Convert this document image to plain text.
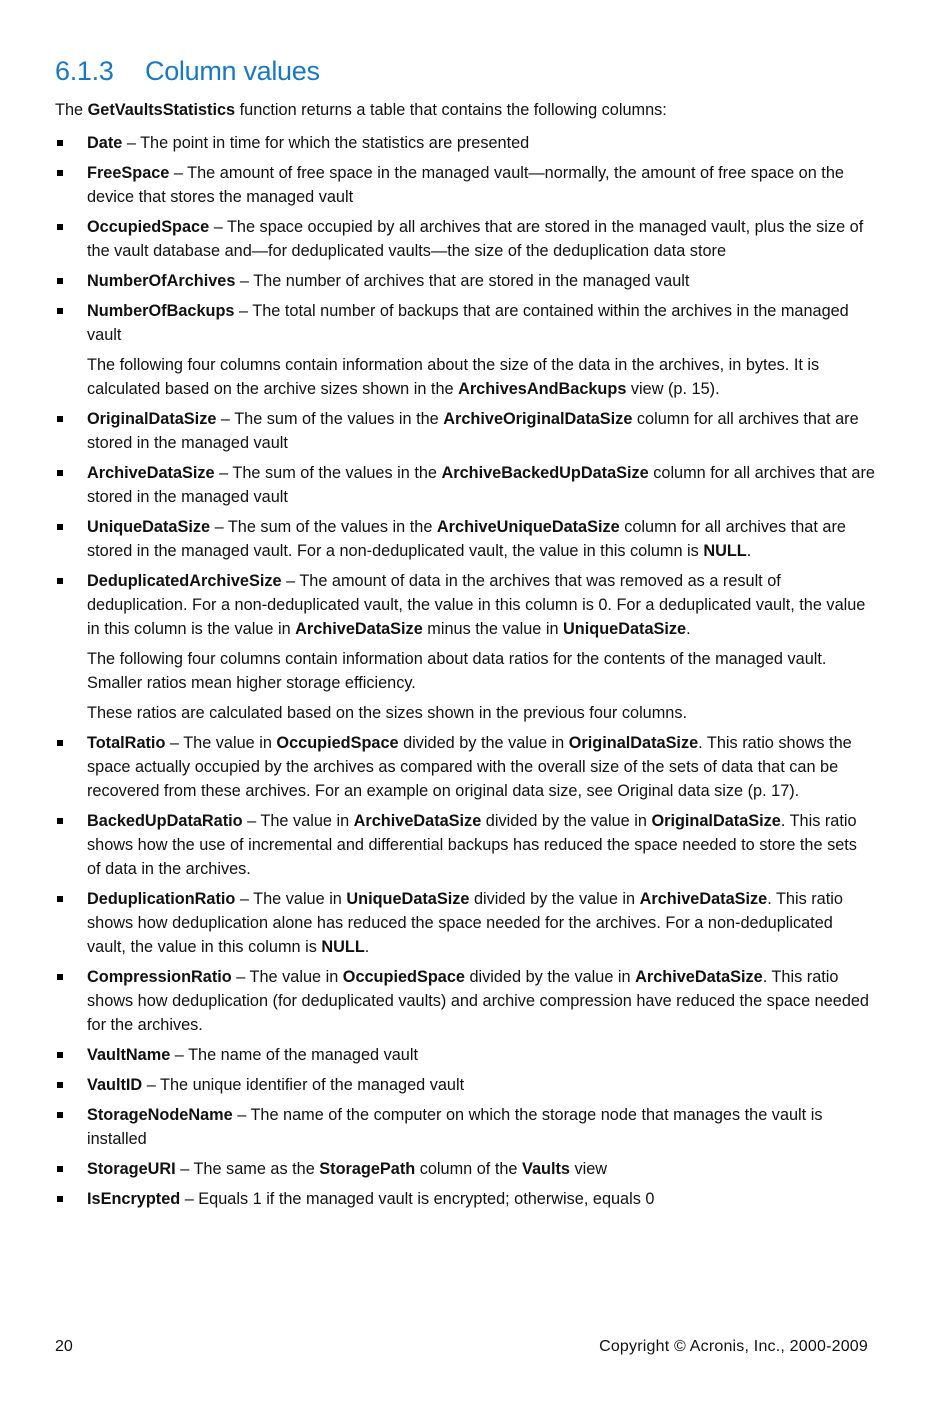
6.1.3 Column values

The GetVaultsStatistics function returns a table that contains the following columns:

Date – The point in time for which the statistics are presented
FreeSpace – The amount of free space in the managed vault—normally, the amount of free space on the device that stores the managed vault
OccupiedSpace – The space occupied by all archives that are stored in the managed vault, plus the size of the vault database and—for deduplicated vaults—the size of the deduplication data store
NumberOfArchives – The number of archives that are stored in the managed vault
NumberOfBackups – The total number of backups that are contained within the archives in the managed vault

The following four columns contain information about the size of the data in the archives, in bytes. It is calculated based on the archive sizes shown in the ArchivesAndBackups view (p. 15).

OriginalDataSize – The sum of the values in the ArchiveOriginalDataSize column for all archives that are stored in the managed vault
ArchiveDataSize – The sum of the values in the ArchiveBackedUpDataSize column for all archives that are stored in the managed vault
UniqueDataSize – The sum of the values in the ArchiveUniqueDataSize column for all archives that are stored in the managed vault. For a non-deduplicated vault, the value in this column is NULL.
DeduplicatedArchiveSize – The amount of data in the archives that was removed as a result of deduplication. For a non-deduplicated vault, the value in this column is 0. For a deduplicated vault, the value in this column is the value in ArchiveDataSize minus the value in UniqueDataSize.

The following four columns contain information about data ratios for the contents of the managed vault. Smaller ratios mean higher storage efficiency.

These ratios are calculated based on the sizes shown in the previous four columns.

TotalRatio – The value in OccupiedSpace divided by the value in OriginalDataSize. This ratio shows the space actually occupied by the archives as compared with the overall size of the sets of data that can be recovered from these archives. For an example on original data size, see Original data size (p. 17).
BackedUpDataRatio – The value in ArchiveDataSize divided by the value in OriginalDataSize. This ratio shows how the use of incremental and differential backups has reduced the space needed to store the sets of data in the archives.
DeduplicationRatio – The value in UniqueDataSize divided by the value in ArchiveDataSize. This ratio shows how deduplication alone has reduced the space needed for the archives. For a non-deduplicated vault, the value in this column is NULL.
CompressionRatio – The value in OccupiedSpace divided by the value in ArchiveDataSize. This ratio shows how deduplication (for deduplicated vaults) and archive compression have reduced the space needed for the archives.
VaultName – The name of the managed vault
VaultID – The unique identifier of the managed vault
StorageNodeName – The name of the computer on which the storage node that manages the vault is installed
StorageURI – The same as the StoragePath column of the Vaults view
IsEncrypted – Equals 1 if the managed vault is encrypted; otherwise, equals 0
20	Copyright © Acronis, Inc., 2000-2009
